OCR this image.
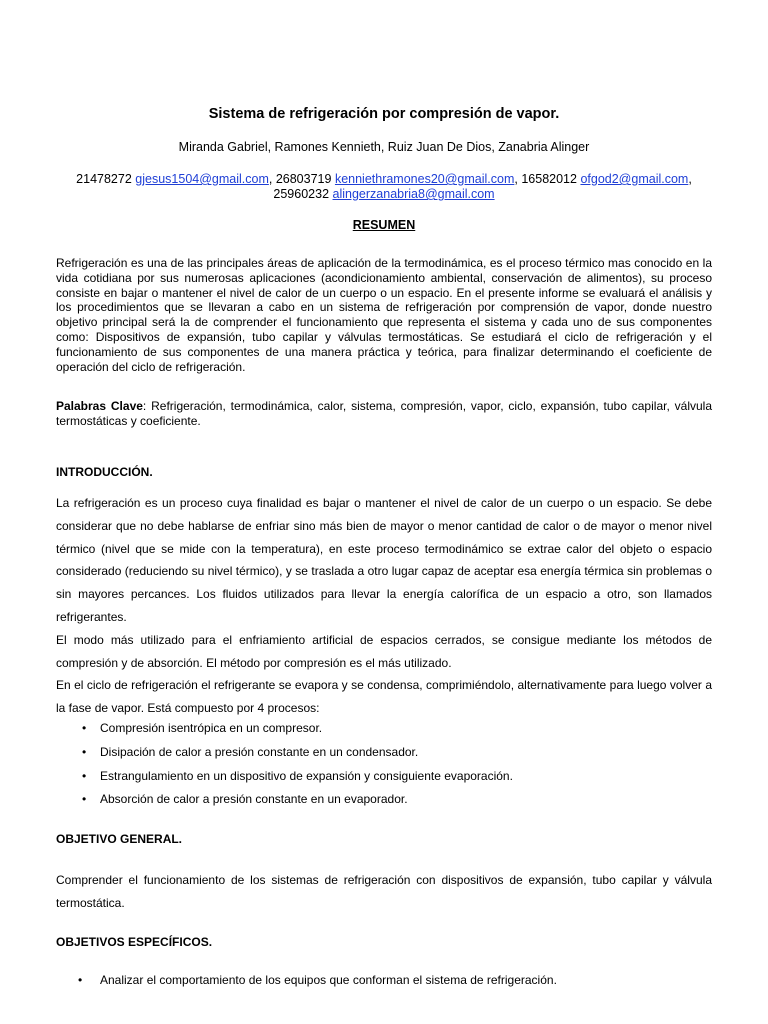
Sistema de refrigeración por compresión de vapor.
Miranda Gabriel, Ramones Kennieth, Ruiz Juan De Dios, Zanabria Alinger
21478272 gjesus1504@gmail.com, 26803719 kenniethramones20@gmail.com, 16582012 ofgod2@gmail.com,
25960232 alingerzanabria8@gmail.com
RESUMEN

Refrigeración es una de las principales áreas de aplicación de la termodinámica, es el proceso térmico mas conocido en la vida cotidiana por sus numerosas aplicaciones (acondicionamiento ambiental, conservación de alimentos), su proceso consiste en bajar o mantener el nivel de calor de un cuerpo o un espacio. En el presente informe se evaluará el análisis y los procedimientos que se llevaran a cabo en un sistema de refrigeración por comprensión de vapor, donde nuestro objetivo principal será la de comprender el funcionamiento que representa el sistema y cada uno de sus componentes como: Dispositivos de expansión, tubo capilar y válvulas termostáticas. Se estudiará el ciclo de refrigeración y el funcionamiento de sus componentes de una manera práctica y teórica, para finalizar determinando el coeficiente de operación del ciclo de refrigeración.

Palabras Clave: Refrigeración, termodinámica, calor, sistema, compresión, vapor, ciclo, expansión, tubo capilar, válvula termostáticas y coeficiente.

INTRODUCCIÓN.

La refrigeración es un proceso cuya finalidad es bajar o mantener el nivel de calor de un cuerpo o un espacio. Se debe considerar que no debe hablarse de enfriar sino más bien de mayor o menor cantidad de calor o de mayor o menor nivel térmico (nivel que se mide con la temperatura), en este proceso termodinámico se extrae calor del objeto o espacio considerado (reduciendo su nivel térmico), y se traslada a otro lugar capaz de aceptar esa energía térmica sin problemas o sin mayores percances. Los fluidos utilizados para llevar la energía calorífica de un espacio a otro, son llamados refrigerantes.

El modo más utilizado para el enfriamiento artificial de espacios cerrados, se consigue mediante los métodos de compresión y de absorción. El método por compresión es el más utilizado.

En el ciclo de refrigeración el refrigerante se evapora y se condensa, comprimiéndolo, alternativamente para luego volver a la fase de vapor. Está compuesto por 4 procesos:

• Compresión isentrópica en un compresor.
• Disipación de calor a presión constante en un condensador.
• Estrangulamiento en un dispositivo de expansión y consiguiente evaporación.
• Absorción de calor a presión constante en un evaporador.
OBJETIVO GENERAL.

Comprender el funcionamiento de los sistemas de refrigeración con dispositivos de expansión, tubo capilar y válvula termostática.

OBJETIVOS ESPECÍFICOS.
• Analizar el comportamiento de los equipos que conforman el sistema de refrigeración.
